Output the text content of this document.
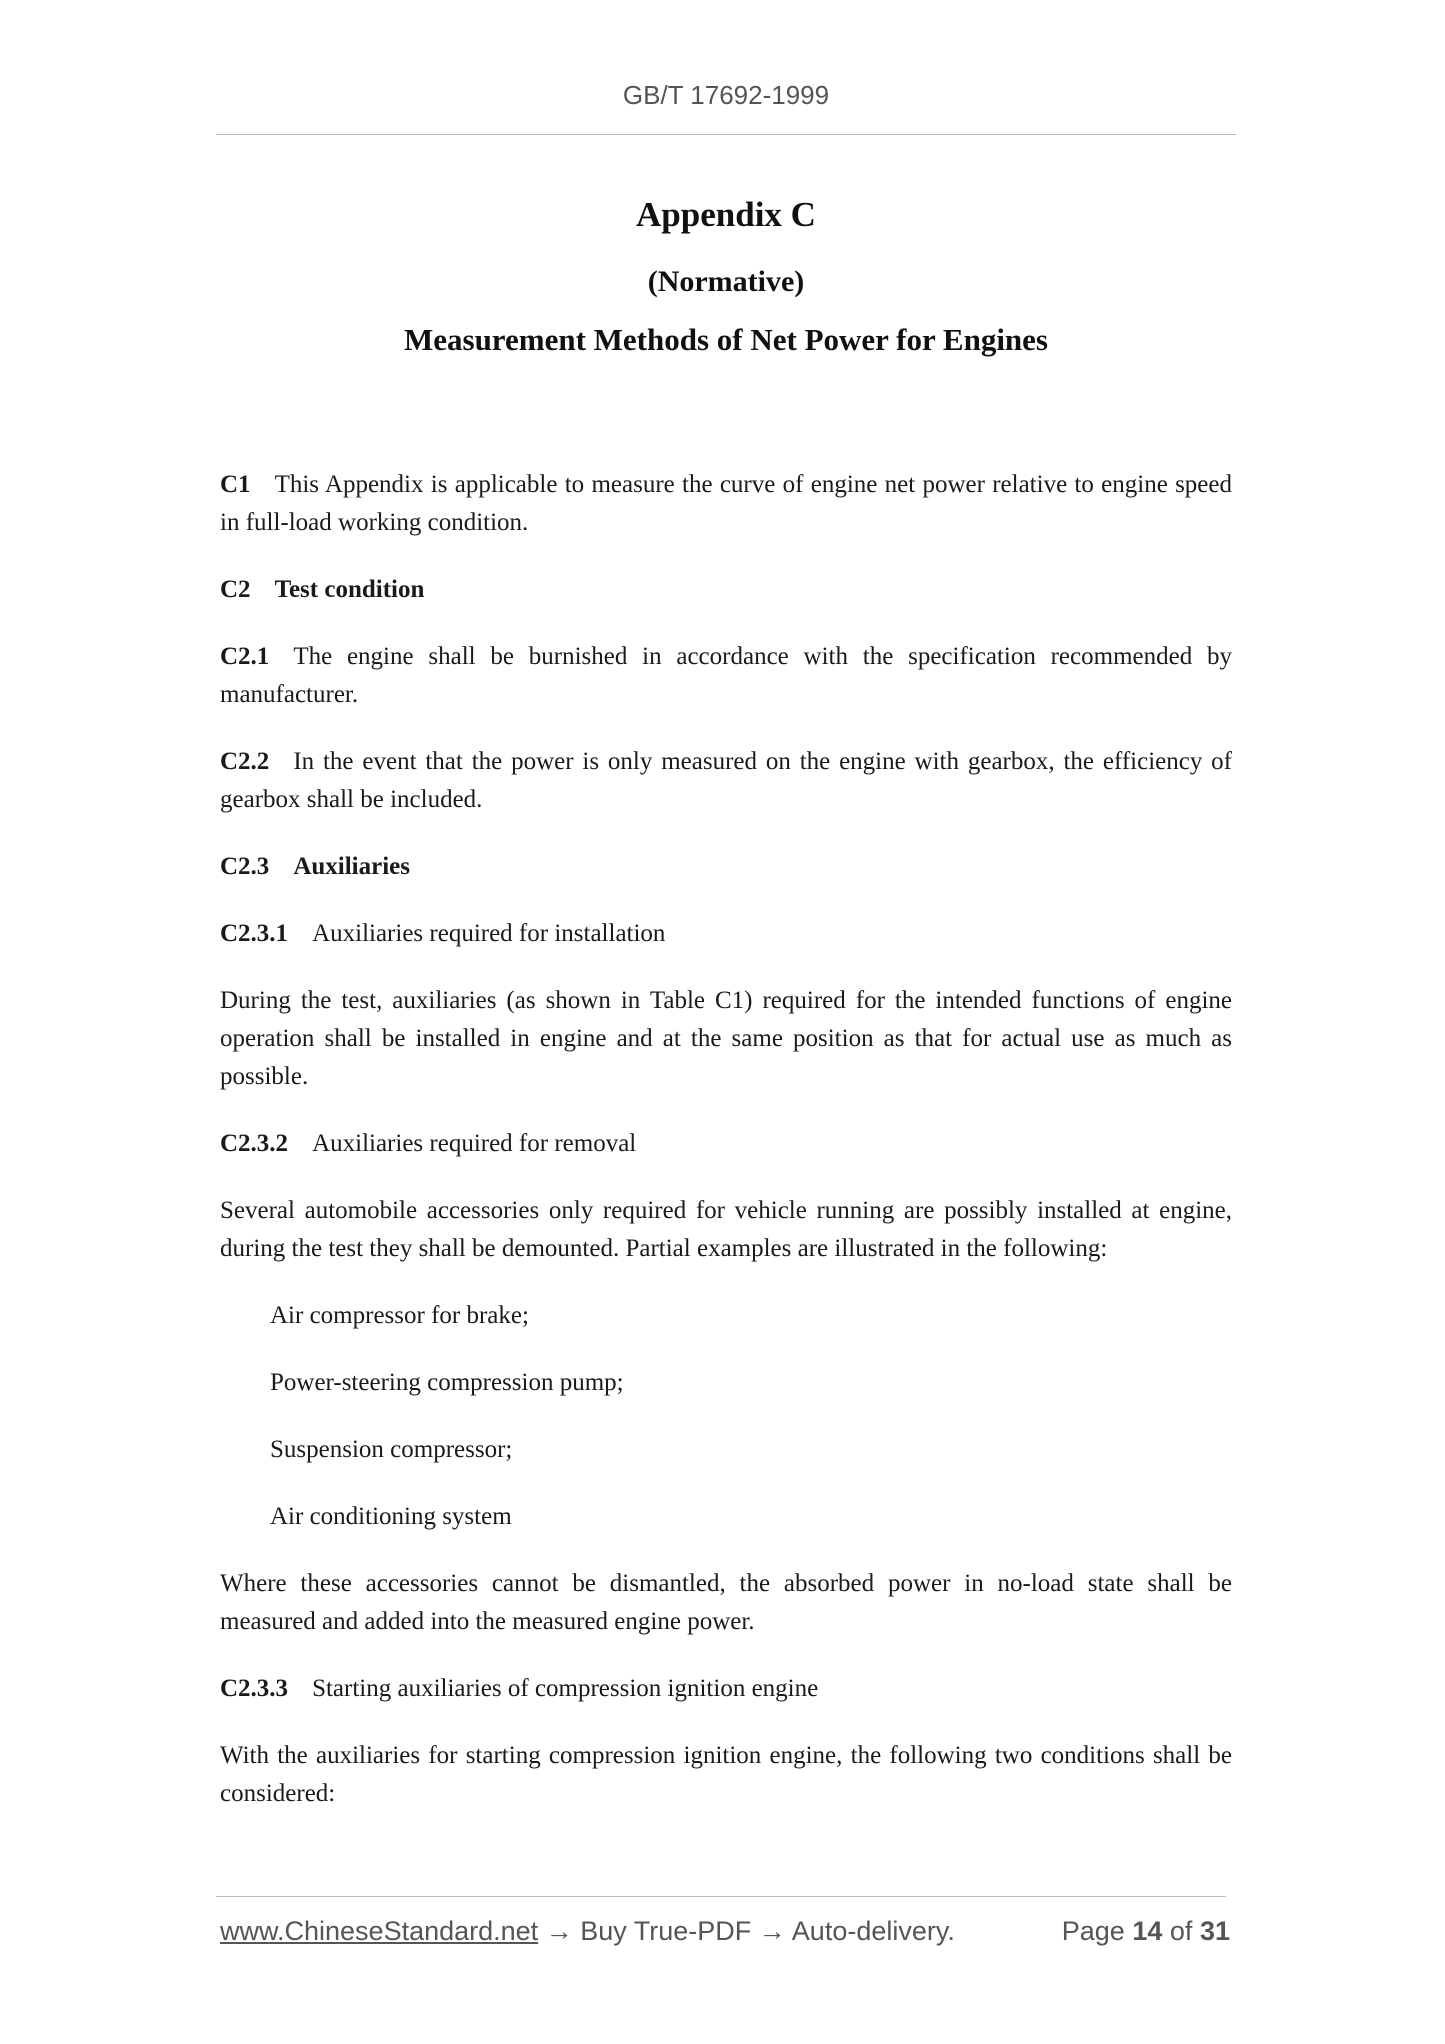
GB/T 17692-1999
Appendix C
(Normative)
Measurement Methods of Net Power for Engines

C1 This Appendix is applicable to measure the curve of engine net power relative to engine speed in full-load working condition.

C2 Test condition

C2.1 The engine shall be burnished in accordance with the specification recommended by manufacturer.

C2.2 In the event that the power is only measured on the engine with gearbox, the efficiency of gearbox shall be included.

C2.3 Auxiliaries

C2.3.1 Auxiliaries required for installation

During the test, auxiliaries (as shown in Table C1) required for the intended functions of engine operation shall be installed in engine and at the same position as that for actual use as much as possible.

C2.3.2 Auxiliaries required for removal

Several automobile accessories only required for vehicle running are possibly installed at engine, during the test they shall be demounted. Partial examples are illustrated in the following:

Air compressor for brake;

Power-steering compression pump;

Suspension compressor;

Air conditioning system

Where these accessories cannot be dismantled, the absorbed power in no-load state shall be measured and added into the measured engine power.

C2.3.3 Starting auxiliaries of compression ignition engine

With the auxiliaries for starting compression ignition engine, the following two conditions shall be considered:

www.ChineseStandard.net → Buy True-PDF → Auto-delivery.	Page 14 of 31
